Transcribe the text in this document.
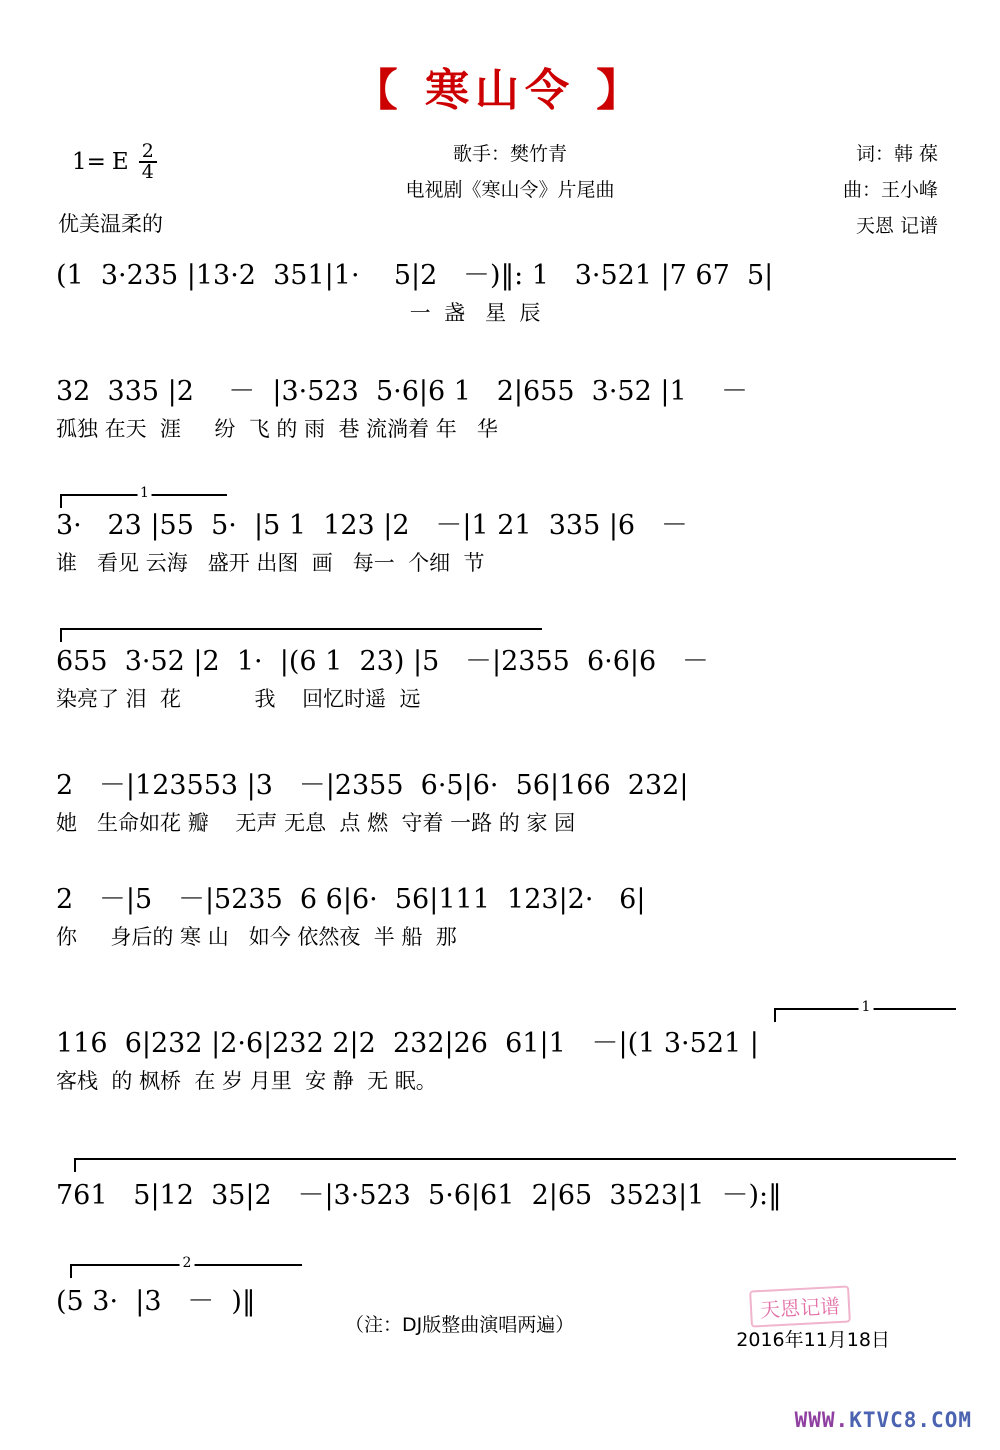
【 寒山令 】
1= E $\frac{2}{4}$
优美温柔的
歌手：樊竹青
电视剧《寒山令》片尾曲
词：韩 葆
曲：王小峰
天恩 记谱
(1  3·235 |13·2  351|1·    5|2   －)‖: 1   3·521 |7 67  5|
一  盏   星  辰
32  335 |2    －  |3·523  5·6|6 1   2|655  3·52 |1    －
孤独 在天  涯     纷  飞 的 雨  巷 流淌着 年   华
1
3·   23 |55  5·  |5 1  123 |2   －|1 21  335 |6   －
谁   看见 云海   盛开 出图  画   每一  个细  节
655  3·52 |2  1·  |(6 1  23) |5   －|2355  6·6|6   －
染亮了 泪  花           我    回忆时遥  远
2   －|123553 |3   －|2355  6·5|6·  56|166  232|
她   生命如花 瓣    无声 无息  点 燃  守着 一路 的 家 园
2   －|5   －|5235  6 6|6·  56|111  123|2·   6|
你     身后的 寒 山   如今 依然夜  半 船  那
1
116  6|232 |2·6|232 2|2  232|26  61|1   －|(1 3·521 |
客栈  的 枫桥  在 岁 月里  安 静  无 眠。
761   5|12  35|2   －|3·523  5·6|61  2|65  3523|1  －):‖
2
(5 3·  |3   －  )‖
（注：DJ版整曲演唱两遍）
天恩记谱
2016年11月18日
WWW.KTVC8.COM
